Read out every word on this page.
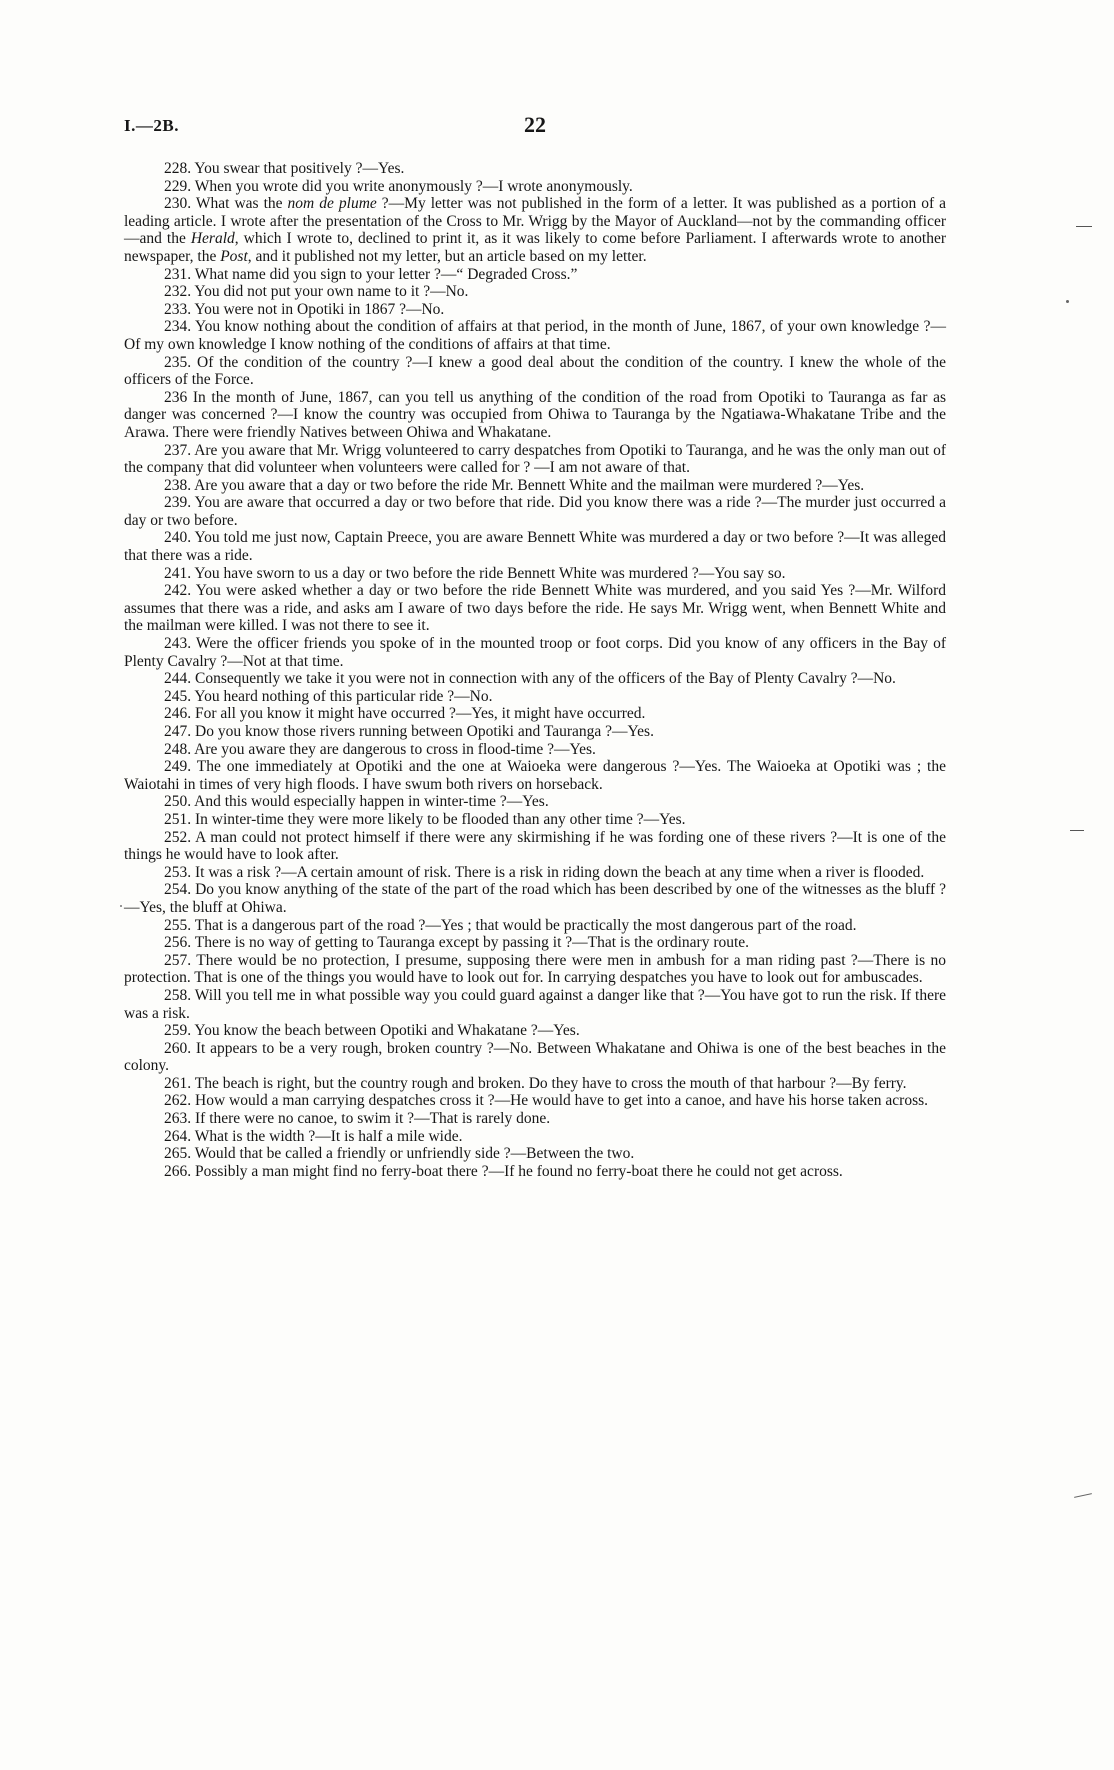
I.—2B.	22

228. You swear that positively ?—Yes.

229. When you wrote did you write anonymously ?—I wrote anonymously.

230. What was the nom de plume ?—My letter was not published in the form of a letter. It was published as a portion of a leading article. I wrote after the presentation of the Cross to Mr. Wrigg by the Mayor of Auckland—not by the commanding officer—and the Herald, which I wrote to, declined to print it, as it was likely to come before Parliament. I afterwards wrote to another newspaper, the Post, and it published not my letter, but an article based on my letter.

231. What name did you sign to your letter ?—“ Degraded Cross.”

232. You did not put your own name to it ?—No.

233. You were not in Opotiki in 1867 ?—No.

234. You know nothing about the condition of affairs at that period, in the month of June, 1867, of your own knowledge ?—Of my own knowledge I know nothing of the conditions of affairs at that time.

235. Of the condition of the country ?—I knew a good deal about the condition of the country. I knew the whole of the officers of the Force.

236 In the month of June, 1867, can you tell us anything of the condition of the road from Opotiki to Tauranga as far as danger was concerned ?—I know the country was occupied from Ohiwa to Tauranga by the Ngatiawa-Whakatane Tribe and the Arawa. There were friendly Natives between Ohiwa and Whakatane.

237. Are you aware that Mr. Wrigg volunteered to carry despatches from Opotiki to Tauranga, and he was the only man out of the company that did volunteer when volunteers were called for ? —I am not aware of that.

238. Are you aware that a day or two before the ride Mr. Bennett White and the mailman were murdered ?—Yes.

239. You are aware that occurred a day or two before that ride. Did you know there was a ride ?—The murder just occurred a day or two before.

240. You told me just now, Captain Preece, you are aware Bennett White was murdered a day or two before ?—It was alleged that there was a ride.

241. You have sworn to us a day or two before the ride Bennett White was murdered ?—You say so.

242. You were asked whether a day or two before the ride Bennett White was murdered, and you said Yes ?—Mr. Wilford assumes that there was a ride, and asks am I aware of two days before the ride. He says Mr. Wrigg went, when Bennett White and the mailman were killed. I was not there to see it.

243. Were the officer friends you spoke of in the mounted troop or foot corps. Did you know of any officers in the Bay of Plenty Cavalry ?—Not at that time.

244. Consequently we take it you were not in connection with any of the officers of the Bay of Plenty Cavalry ?—No.

245. You heard nothing of this particular ride ?—No.

246. For all you know it might have occurred ?—Yes, it might have occurred.

247. Do you know those rivers running between Opotiki and Tauranga ?—Yes.

248. Are you aware they are dangerous to cross in flood-time ?—Yes.

249. The one immediately at Opotiki and the one at Waioeka were dangerous ?—Yes. The Waioeka at Opotiki was ; the Waiotahi in times of very high floods. I have swum both rivers on horseback.

250. And this would especially happen in winter-time ?—Yes.

251. In winter-time they were more likely to be flooded than any other time ?—Yes.

252. A man could not protect himself if there were any skirmishing if he was fording one of these rivers ?—It is one of the things he would have to look after.

253. It was a risk ?—A certain amount of risk. There is a risk in riding down the beach at any time when a river is flooded.

254. Do you know anything of the state of the part of the road which has been described by one of the witnesses as the bluff ?—Yes, the bluff at Ohiwa.

255. That is a dangerous part of the road ?—Yes ; that would be practically the most dangerous part of the road.

256. There is no way of getting to Tauranga except by passing it ?—That is the ordinary route.

257. There would be no protection, I presume, supposing there were men in ambush for a man riding past ?—There is no protection. That is one of the things you would have to look out for. In carrying despatches you have to look out for ambuscades.

258. Will you tell me in what possible way you could guard against a danger like that ?—You have got to run the risk. If there was a risk.

259. You know the beach between Opotiki and Whakatane ?—Yes.

260. It appears to be a very rough, broken country ?—No. Between Whakatane and Ohiwa is one of the best beaches in the colony.

261. The beach is right, but the country rough and broken. Do they have to cross the mouth of that harbour ?—By ferry.

262. How would a man carrying despatches cross it ?—He would have to get into a canoe, and have his horse taken across.

263. If there were no canoe, to swim it ?—That is rarely done.

264. What is the width ?—It is half a mile wide.

265. Would that be called a friendly or unfriendly side ?—Between the two.

266. Possibly a man might find no ferry-boat there ?—If he found no ferry-boat there he could not get across.
